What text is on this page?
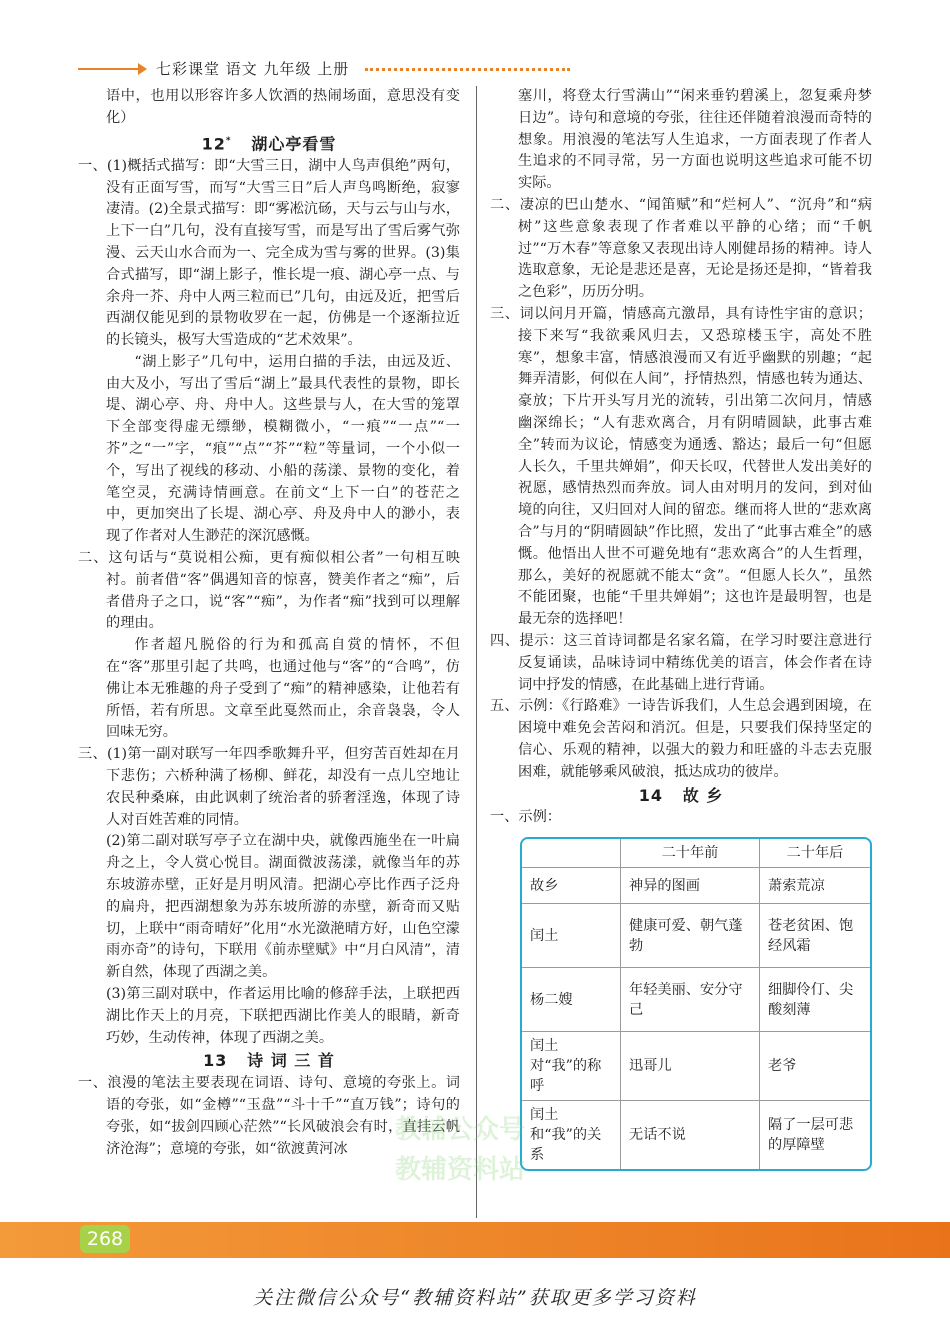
七彩课堂 语文 九年级 上册

语中，也用以形容许多人饮酒的热闹场面，意思没有变化）

12* 湖心亭看雪

一、(1)概括式描写：即“大雪三日，湖中人鸟声俱绝”两句，没有正面写雪，而写“大雪三日”后人声鸟鸣断绝，寂寥凄清。(2)全景式描写：即“雾凇沆砀，天与云与山与水，上下一白”几句，没有直接写雪，而是写出了雪后雾气弥漫、云天山水合而为一、完全成为雪与雾的世界。(3)集合式描写，即“湖上影子，惟长堤一痕、湖心亭一点、与余舟一芥、舟中人两三粒而已”几句，由远及近，把雪后西湖仅能见到的景物收罗在一起，仿佛是一个逐渐拉近的长镜头，极写大雪造成的“艺术效果”。

“湖上影子”几句中，运用白描的手法，由远及近、由大及小，写出了雪后“湖上”最具代表性的景物，即长堤、湖心亭、舟、舟中人。这些景与人，在大雪的笼罩下全部变得虚无缥缈，模糊微小，“一痕”“一点”“一芥”之“一”字，“痕”“点”“芥”“粒”等量词，一个小似一个，写出了视线的移动、小船的荡漾、景物的变化，着笔空灵，充满诗情画意。在前文“上下一白”的苍茫之中，更加突出了长堤、湖心亭、舟及舟中人的渺小，表现了作者对人生渺茫的深沉感慨。

二、这句话与“莫说相公痴，更有痴似相公者”一句相互映衬。前者借“客”偶遇知音的惊喜，赞美作者之“痴”，后者借舟子之口，说“客”“痴”，为作者“痴”找到可以理解的理由。

作者超凡脱俗的行为和孤高自赏的情怀，不但在“客”那里引起了共鸣，也通过他与“客”的“合鸣”，仿佛让本无雅趣的舟子受到了“痴”的精神感染，让他若有所悟，若有所思。文章至此戛然而止，余音袅袅，令人回味无穷。

三、(1)第一副对联写一年四季歌舞升平，但穷苦百姓却在月下悲伤；六桥种满了杨柳、鲜花，却没有一点儿空地让农民种桑麻，由此讽刺了统治者的骄奢淫逸，体现了诗人对百姓苦难的同情。

(2)第二副对联写亭子立在湖中央，就像西施坐在一叶扁舟之上，令人赏心悦目。湖面微波荡漾，就像当年的苏东坡游赤壁，正好是月明风清。把湖心亭比作西子泛舟的扁舟，把西湖想象为苏东坡所游的赤壁，新奇而又贴切，上联中“雨奇晴好”化用“水光潋滟晴方好，山色空濛雨亦奇”的诗句，下联用《前赤壁赋》中“月白风清”，清新自然，体现了西湖之美。

(3)第三副对联中，作者运用比喻的修辞手法，上联把西湖比作天上的月亮，下联把西湖比作美人的眼睛，新奇巧妙，生动传神，体现了西湖之美。

13 诗 词 三 首

一、浪漫的笔法主要表现在词语、诗句、意境的夸张上。词语的夸张，如“金樽”“玉盘”“斗十千”“直万钱”；诗句的夸张，如“拔剑四顾心茫然”“长风破浪会有时，直挂云帆济沧海”；意境的夸张，如“欲渡黄河冰

塞川，将登太行雪满山”“闲来垂钓碧溪上，忽复乘舟梦日边”。诗句和意境的夸张，往往还伴随着浪漫而奇特的想象。用浪漫的笔法写人生追求，一方面表现了作者人生追求的不同寻常，另一方面也说明这些追求可能不切实际。

二、凄凉的巴山楚水、“闻笛赋”和“烂柯人”、“沉舟”和“病树”这些意象表现了作者难以平静的心绪；而“千帆过”“万木春”等意象又表现出诗人刚健昂扬的精神。诗人选取意象，无论是悲还是喜，无论是扬还是抑，“皆着我之色彩”，历历分明。

三、词以问月开篇，情感高亢激昂，具有诗性宇宙的意识；接下来写“我欲乘风归去，又恐琼楼玉宇，高处不胜寒”，想象丰富，情感浪漫而又有近乎幽默的别趣；“起舞弄清影，何似在人间”，抒情热烈，情感也转为通达、豪放；下片开头写月光的流转，引出第二次问月，情感幽深绵长；“人有悲欢离合，月有阴晴圆缺，此事古难全”转而为议论，情感变为通透、豁达；最后一句“但愿人长久，千里共婵娟”，仰天长叹，代替世人发出美好的祝愿，感情热烈而奔放。词人由对明月的发问，到对仙境的向往，又归回对人间的留恋。继而将人世的“悲欢离合”与月的“阴晴圆缺”作比照，发出了“此事古难全”的感慨。他悟出人世不可避免地有“悲欢离合”的人生哲理，那么，美好的祝愿就不能太“贪”。“但愿人长久”，虽然不能团聚，也能“千里共婵娟”；这也许是最明智，也是最无奈的选择吧！

四、提示：这三首诗词都是名家名篇，在学习时要注意进行反复诵读，品味诗词中精练优美的语言，体会作者在诗词中抒发的情感，在此基础上进行背诵。

五、示例：《行路难》一诗告诉我们，人生总会遇到困境，在困境中难免会苦闷和消沉。但是，只要我们保持坚定的信心、乐观的精神，以强大的毅力和旺盛的斗志去克服困难，就能够乘风破浪，抵达成功的彼岸。

14 故 乡

一、示例：

	二十年前	二十年后
故乡	神异的图画	萧索荒凉
闰土	健康可爱、朝气蓬勃	苍老贫困、饱经风霜
杨二嫂	年轻美丽、安分守己	细脚伶仃、尖酸刻薄
闰土对“我”的称呼	迅哥儿	老爷
闰土和“我”的关系	无话不说	隔了一层可悲的厚障壁
教辅公众号
教辅资料站
268
关注微信公众号“教辅资料站”获取更多学习资料
